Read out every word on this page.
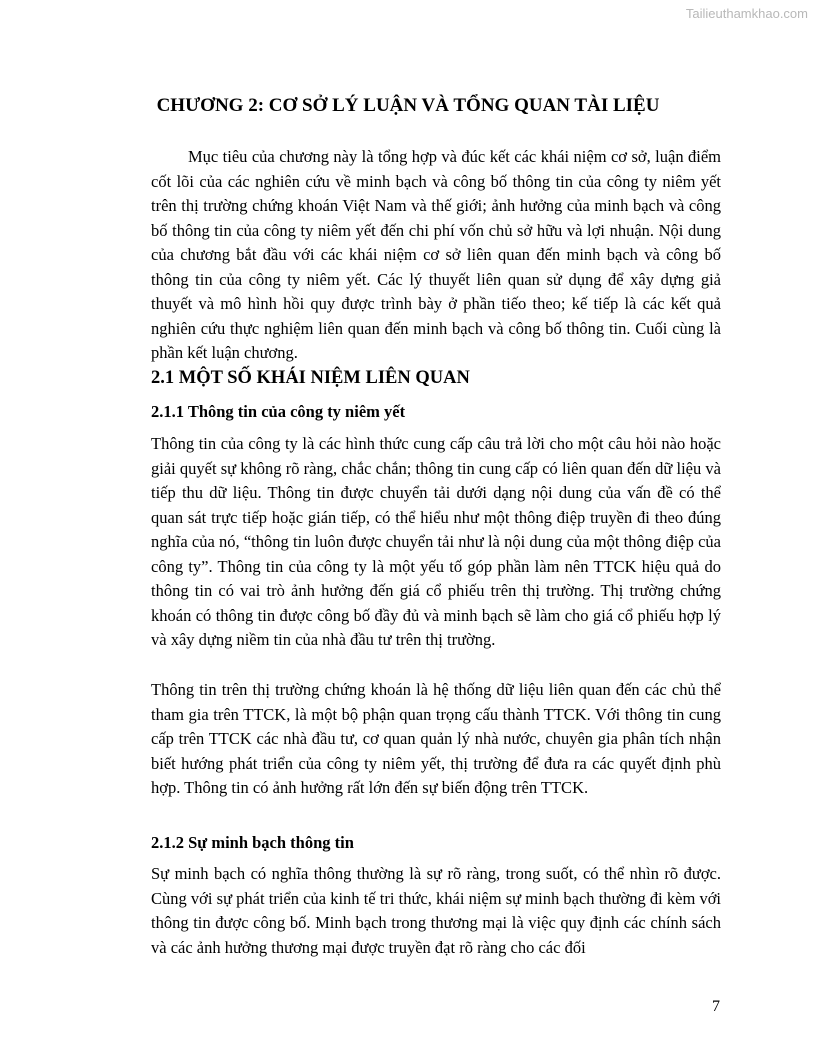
Tailieuthamkhao.com
CHƯƠNG 2: CƠ SỞ LÝ LUẬN VÀ TỔNG QUAN TÀI LIỆU

Mục tiêu của chương này là tổng hợp và đúc kết các khái niệm cơ sở, luận điểm cốt lõi của các nghiên cứu về minh bạch và công bố thông tin của công ty niêm yết trên thị trường chứng khoán Việt Nam và thế giới; ảnh hưởng của minh bạch và công bố thông tin của công ty niêm yết đến chi phí vốn chủ sở hữu và lợi nhuận. Nội dung của chương bắt đầu với các khái niệm cơ sở liên quan đến minh bạch và công bố thông tin của công ty niêm yết. Các lý thuyết liên quan sử dụng để xây dựng giả thuyết và mô hình hồi quy được trình bày ở phần tiếo theo; kế tiếp là các kết quả nghiên cứu thực nghiệm liên quan đến minh bạch và công bố thông tin. Cuối cùng là phần kết luận chương.

2.1 MỘT SỐ KHÁI NIỆM LIÊN QUAN
2.1.1 Thông tin của công ty niêm yết

Thông tin của công ty là các hình thức cung cấp câu trả lời cho một câu hỏi nào hoặc giải quyết sự không rõ ràng, chắc chắn; thông tin cung cấp có liên quan đến dữ liệu và tiếp thu dữ liệu. Thông tin được chuyển tải dưới dạng nội dung của vấn đề có thể quan sát trực tiếp hoặc gián tiếp, có thể hiểu như một thông điệp truyền đi theo đúng nghĩa của nó, “thông tin luôn được chuyển tải như là nội dung của một thông điệp của công ty”. Thông tin của công ty là một yếu tố góp phần làm nên TTCK hiệu quả do thông tin có vai trò ảnh hưởng đến giá cổ phiếu trên thị trường. Thị trường chứng khoán có thông tin được công bố đầy đủ và minh bạch sẽ làm cho giá cổ phiếu hợp lý và xây dựng niềm tin của nhà đầu tư trên thị trường.

Thông tin trên thị trường chứng khoán là hệ thống dữ liệu liên quan đến các chủ thể tham gia trên TTCK, là một bộ phận quan trọng cấu thành TTCK. Với thông tin cung cấp trên TTCK các nhà đầu tư, cơ quan quản lý nhà nước, chuyên gia phân tích nhận biết hướng phát triển của công ty niêm yết, thị trường để đưa ra các quyết định phù hợp. Thông tin có ảnh hưởng rất lớn đến sự biến động trên TTCK.

2.1.2 Sự minh bạch thông tin

Sự minh bạch có nghĩa thông thường là sự rõ ràng, trong suốt, có thể nhìn rõ được. Cùng với sự phát triển của kinh tế tri thức, khái niệm sự minh bạch thường đi kèm với thông tin được công bố. Minh bạch trong thương mại là việc quy định các chính sách và các ảnh hưởng thương mại được truyền đạt rõ ràng cho các đối

7
